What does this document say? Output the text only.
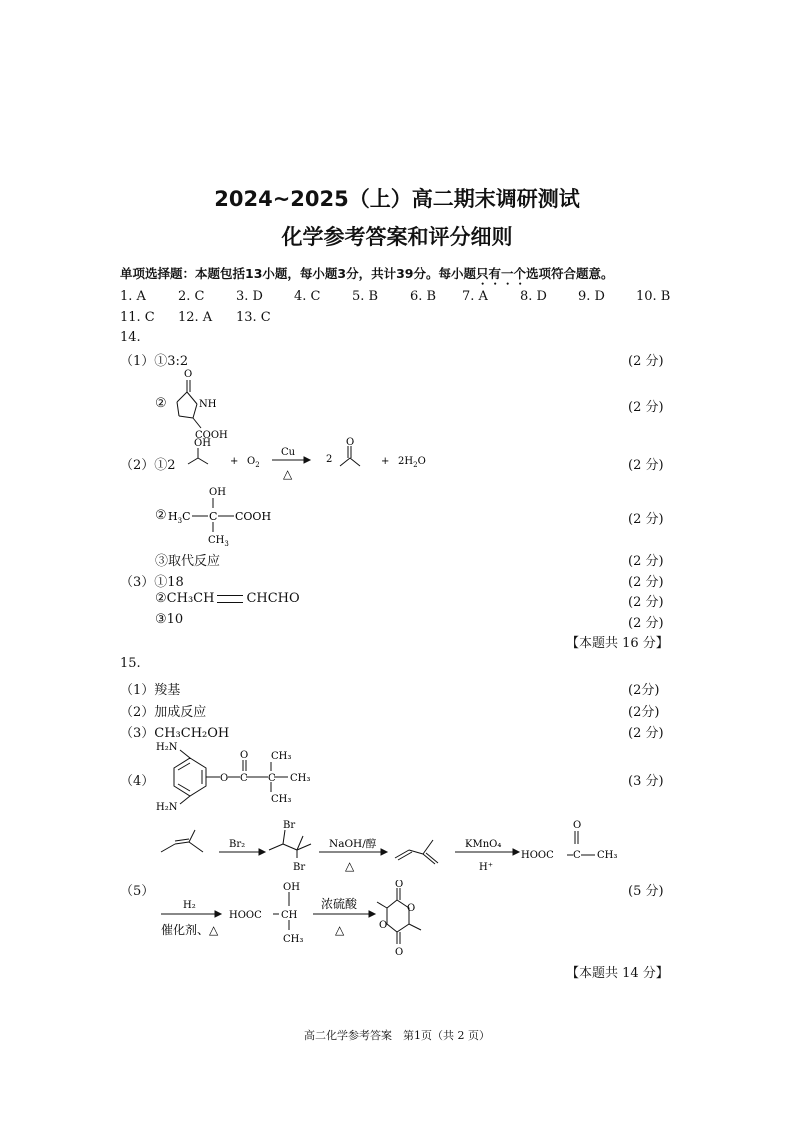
2024~2025（上）高二期末调研测试
化学参考答案和评分细则
单项选择题：本题包括13小题，每小题3分，共计39分。每小题只有一个选项符合题意。
1. A 2. C 3. D 4. C 5. B 6. B 7. A 8. D 9. D 10. B
11. C 12. A 13. C
14.
（1）①3:2	(2 分)
②
O
NH
COOH
(2 分)
（2）①2
OH
+ $O_2$
Cu
△
2
O
+ $2H_2O$	(2 分)
②
OH
$H_3C$ C COOH
$CH_3$
(2 分)
③取代反应	(2 分)
（3）①18	(2 分)
②CH₃CH CHCHO	(2 分)
③10	(2 分)
【本题共 16 分】
15.
（1）羧基	(2分)
（2）加成反应	(2分)
（3）CH₃CH₂OH	(2 分)
（4）
H₂N
H₂N
O
O
C C
CH₃
CH₃
CH₃
(3 分)
Br₂
Br
Br
NaOH/醇
△
KMnO₄
H⁺
HOOC
O
C CH₃
（5）	(5 分)
H₂
催化剂、△
HOOC CH
OH
CH₃
浓硫酸
△
O
O
O
O
【本题共 14 分】
高二化学参考答案　第1页（共 2 页）
